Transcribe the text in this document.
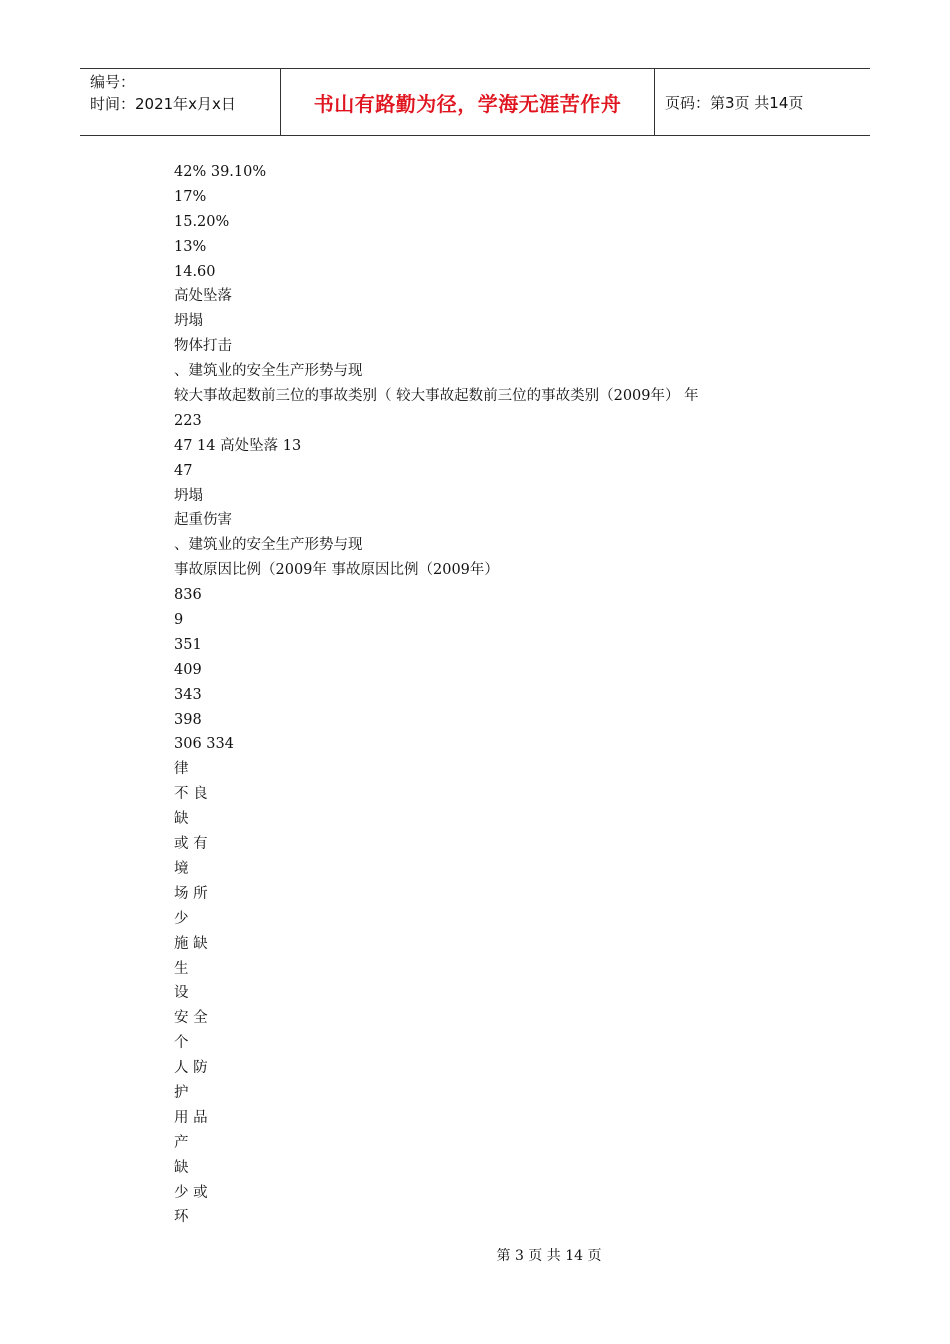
编号：
时间：2021年x月x日	书山有路勤为径，学海无涯苦作舟	页码：第3页 共14页
42% 39.10%
17%
15.20%
13%
14.60
高处坠落
坍塌
物体打击
、建筑业的安全生产形势与现
较大事故起数前三位的事故类别（ 较大事故起数前三位的事故类别（2009年） 年
223
47 14 高处坠落 13
47
坍塌
起重伤害
、建筑业的安全生产形势与现
事故原因比例（2009年 事故原因比例（2009年）
836
9
351
409
343
398
306 334
律
不 良
缺
或 有
境
场 所
少
施 缺
生
设
安 全
个
人 防
护
用 品
产
缺
少 或
环
第 3 页 共 14 页
